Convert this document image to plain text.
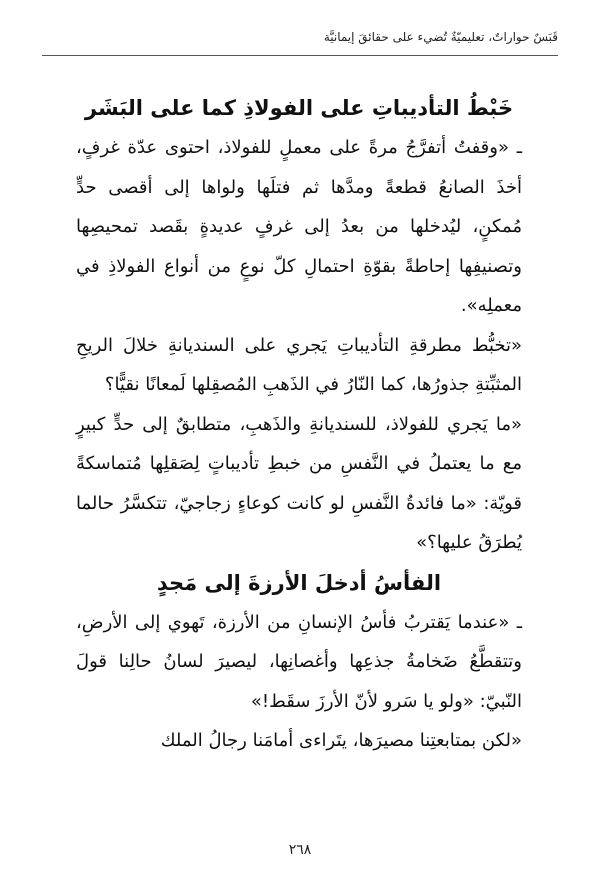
قَبَسٌ حواراتٌ، تعليميّةٌ تُضيء على حقائقَ إيمانيَّة
خَبْطُ التأديباتِ على الفولاذِ كما على البَشَر

ـ «وقفتُ أتفرَّجُ مرةً على معملٍ للفولاذ، احتوى عدّة غرفٍ، أخذَ الصانعُ قطعةً ومدَّها ثم فتلَها ولواها إلى أقصى حدٍّ مُمكنٍ، ليُدخلها من بعدُ إلى غرفٍ عديدةٍ بقَصد تمحيصِها وتصنيفِها إحاطةً بقوّةِ احتمالِ كلّ نوعٍ من أنواع الفولاذِ في معملِه».

«تخبُّط مطرقةِ التأديباتِ يَجري على السنديانةِ خلالَ الريحِ المثبِّتةِ جذورُها، كما النّارُ في الذَهبِ المُصقِلها لَمعانًا نقيًّا؟

«ما يَجري للفولاذ، للسنديانةِ والذَهبِ، متطابقٌ إلى حدٍّ كبيرٍ مع ما يعتملُ في النَّفسِ من خبطِ تأديباتٍ لِصَقلِها مُتماسكةً قويّة: «ما فائدةُ النَّفسِ لو كانت كوعاءٍ زجاجيّ، تتكسَّرُ حالما يُطرَقُ عليها؟»

الفأسُ أدخلَ الأرزةَ إلى مَجدٍ

ـ «عندما يَقتربُ فأسُ الإنسانِ من الأرزة، تَهوي إلى الأرضِ، وتتقطَّعُ ضَخامةُ جذعِها وأغصانِها، ليصيرَ لسانُ حالِنا قولَ النّبيّ: «ولو يا سَرو لأنّ الأرزَ سقَط!»

«لكن بمتابعتِنا مصيرَها، يتَراءى أمامَنا رجالُ الملك

٢٦٨
